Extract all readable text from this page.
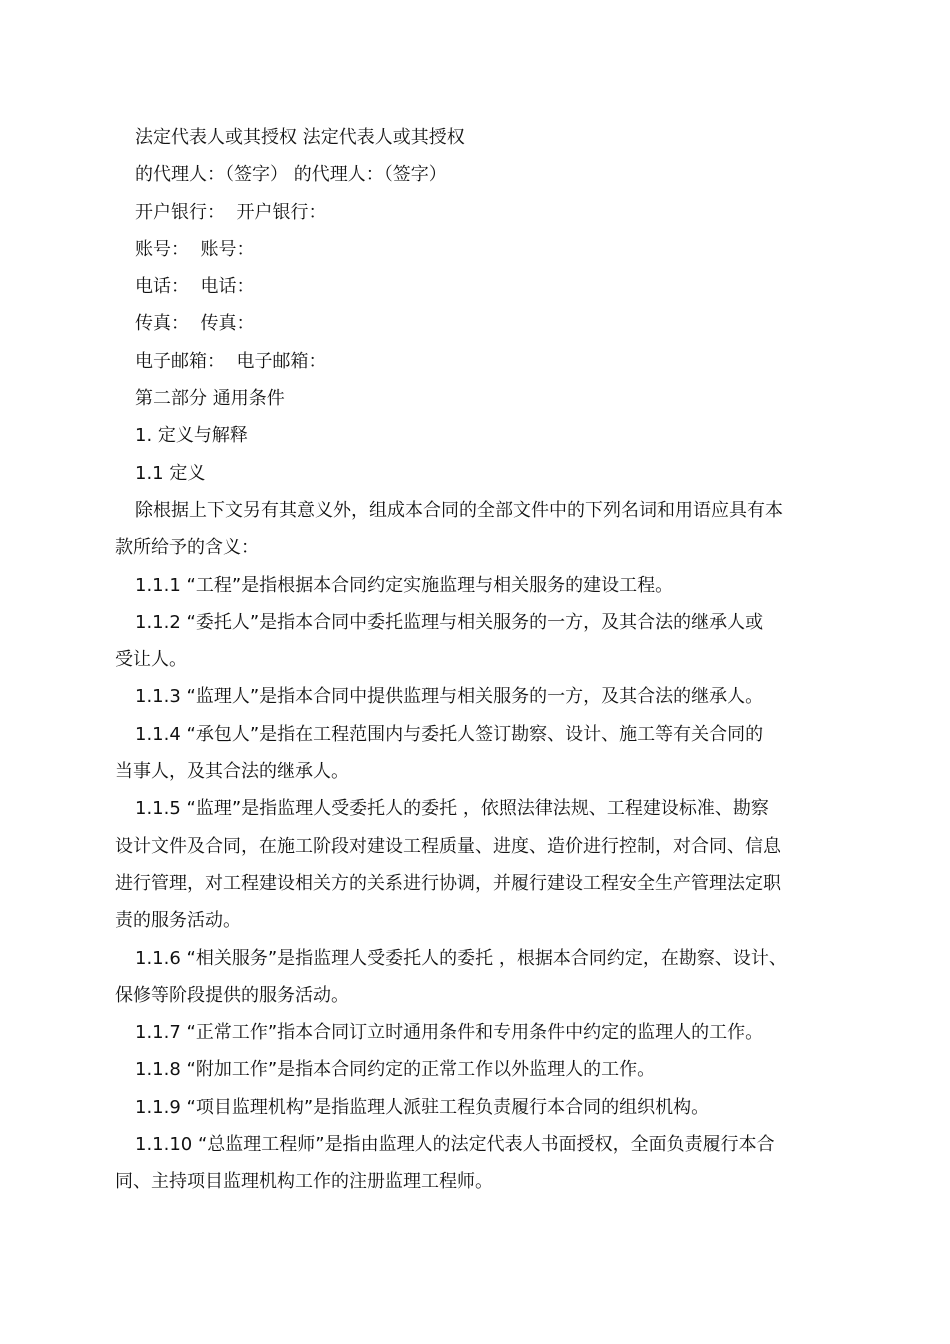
法定代表人或其授权 法定代表人或其授权
的代理人：（签字） 的代理人：（签字）
开户银行：  开户银行：
账号：  账号：
电话：  电话：
传真：  传真：
电子邮箱：  电子邮箱：
第二部分 通用条件
1. 定义与解释
1.1 定义
除根据上下文另有其意义外，组成本合同的全部文件中的下列名词和用语应具有本
款所给予的含义：
1.1.1 “工程”是指根据本合同约定实施监理与相关服务的建设工程。
1.1.2 “委托人”是指本合同中委托监理与相关服务的一方，及其合法的继承人或
受让人。
1.1.3 “监理人”是指本合同中提供监理与相关服务的一方，及其合法的继承人。
1.1.4 “承包人”是指在工程范围内与委托人签订勘察、设计、施工等有关合同的
当事人，及其合法的继承人。
1.1.5 “监理”是指监理人受委托人的委托 ，依照法律法规、工程建设标准、勘察
设计文件及合同，在施工阶段对建设工程质量、进度、造价进行控制，对合同、信息
进行管理，对工程建设相关方的关系进行协调，并履行建设工程安全生产管理法定职
责的服务活动。
1.1.6 “相关服务”是指监理人受委托人的委托 ，根据本合同约定，在勘察、设计、
保修等阶段提供的服务活动。
1.1.7 “正常工作”指本合同订立时通用条件和专用条件中约定的监理人的工作。
1.1.8 “附加工作”是指本合同约定的正常工作以外监理人的工作。
1.1.9 “项目监理机构”是指监理人派驻工程负责履行本合同的组织机构。
1.1.10 “总监理工程师”是指由监理人的法定代表人书面授权，全面负责履行本合
同、主持项目监理机构工作的注册监理工程师。
